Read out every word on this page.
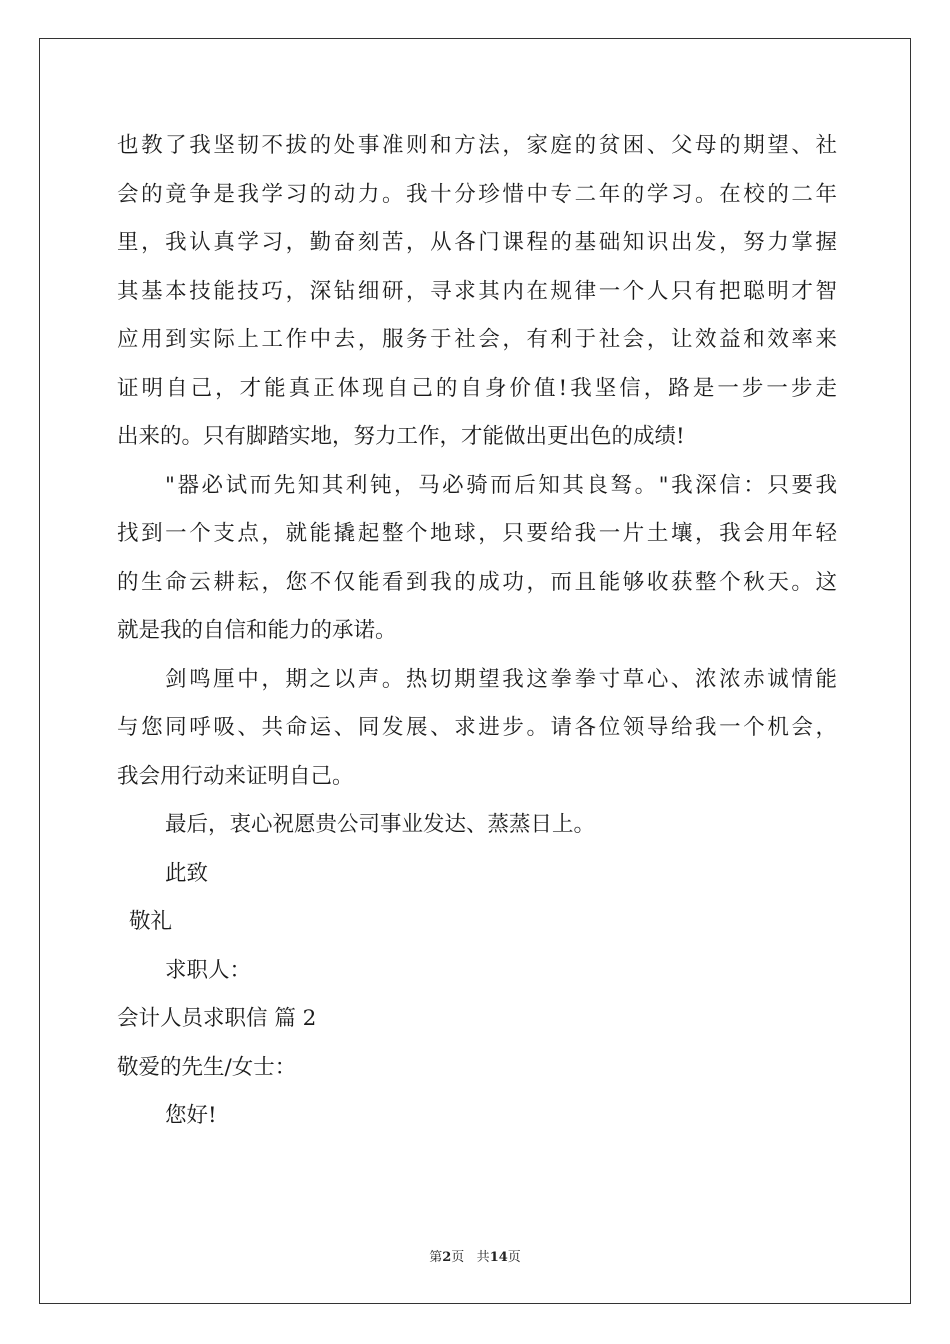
也教了我坚韧不拔的处事准则和方法，家庭的贫困、父母的期望、社
会的竟争是我学习的动力。我十分珍惜中专二年的学习。在校的二年
里，我认真学习，勤奋刻苦，从各门课程的基础知识出发，努力掌握
其基本技能技巧，深钻细研，寻求其内在规律一个人只有把聪明才智
应用到实际上工作中去，服务于社会，有利于社会，让效益和效率来
证明自己，才能真正体现自己的自身价值!我坚信，路是一步一步走
出来的。只有脚踏实地，努力工作，才能做出更出色的成绩!
"器必试而先知其利钝，马必骑而后知其良驽。"我深信：只要我
找到一个支点，就能撬起整个地球，只要给我一片土壤，我会用年轻
的生命云耕耘，您不仅能看到我的成功，而且能够收获整个秋天。这
就是我的自信和能力的承诺。
剑鸣厘中，期之以声。热切期望我这拳拳寸草心、浓浓赤诚情能
与您同呼吸、共命运、同发展、求进步。请各位领导给我一个机会，
我会用行动来证明自己。
最后，衷心祝愿贵公司事业发达、蒸蒸日上。
此致
敬礼
求职人：
会计人员求职信 篇 2
敬爱的先生/女士：
您好!
第2页 共14页
